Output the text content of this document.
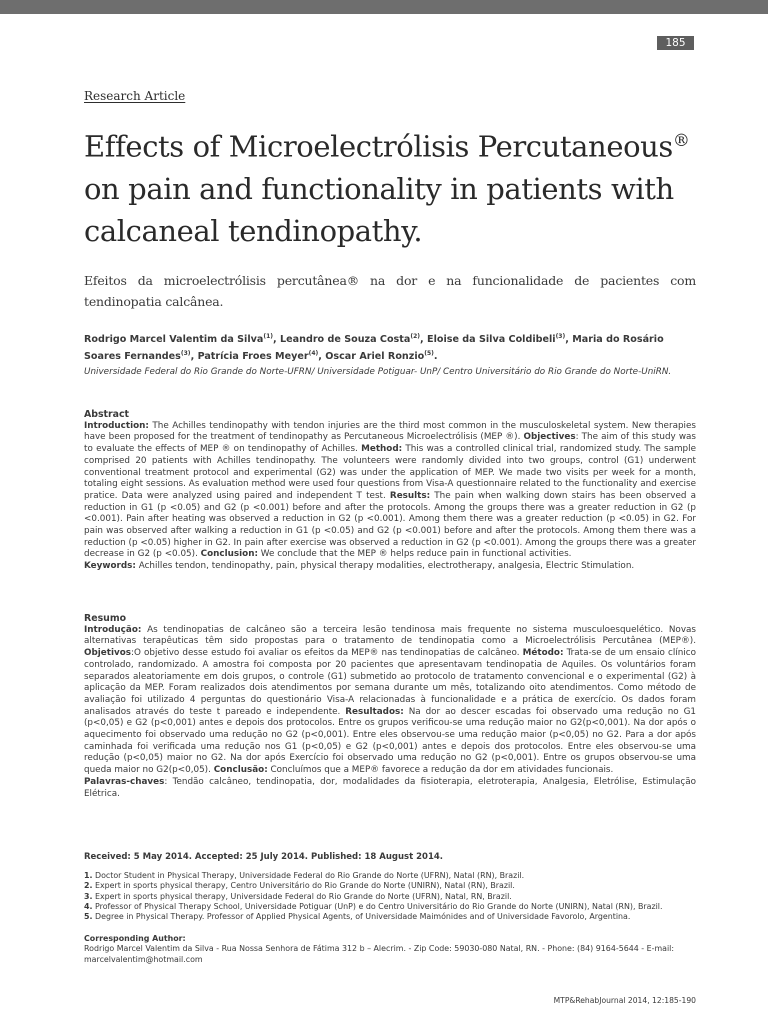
185
Research Article
Effects of Microelectrólisis Percutaneous® on pain and functionality in patients with calcaneal tendinopathy.
Efeitos da microelectrólisis percutânea® na dor e na funcionalidade de pacientes com tendinopatia calcânea.
Rodrigo Marcel Valentim da Silva$^{(1)}$, Leandro de Souza Costa$^{(2)}$, Eloise da Silva Coldibeli$^{(3)}$, Maria do Rosário Soares Fernandes$^{(3)}$, Patrícia Froes Meyer$^{(4)}$, Oscar Ariel Ronzio$^{(5)}$.
Universidade Federal do Rio Grande do Norte-UFRN/ Universidade Potiguar- UnP/ Centro Universitário do Rio Grande do Norte-UniRN.
Abstract
Introduction: The Achilles tendinopathy with tendon injuries are the third most common in the musculoskeletal system. New therapies have been proposed for the treatment of tendinopathy as Percutaneous Microelectrólisis (MEP ®). Objectives: The aim of this study was to evaluate the effects of MEP ® on tendinopathy of Achilles. Method: This was a controlled clinical trial, randomized study. The sample comprised 20 patients with Achilles tendinopathy. The volunteers were randomly divided into two groups, control (G1) underwent conventional treatment protocol and experimental (G2) was under the application of MEP. We made two visits per week for a month, totaling eight sessions. As evaluation method were used four questions from Visa-A questionnaire related to the functionality and exercise pratice. Data were analyzed using paired and independent T test. Results: The pain when walking down stairs has been observed a reduction in G1 (p <0.05) and G2 (p <0.001) before and after the protocols. Among the groups there was a greater reduction in G2 (p <0.001). Pain after heating was observed a reduction in G2 (p <0.001). Among them there was a greater reduction (p <0.05) in G2. For pain was observed after walking a reduction in G1 (p <0.05) and G2 (p <0.001) before and after the protocols. Among them there was a reduction (p <0.05) higher in G2. In pain after exercise was observed a reduction in G2 (p <0.001). Among the groups there was a greater decrease in G2 (p <0.05). Conclusion: We conclude that the MEP ® helps reduce pain in functional activities.
Keywords: Achilles tendon, tendinopathy, pain, physical therapy modalities, electrotherapy, analgesia, Electric Stimulation.
Resumo
Introdução: As tendinopatias de calcâneo são a terceira lesão tendinosa mais frequente no sistema musculoesquelético. Novas alternativas terapêuticas têm sido propostas para o tratamento de tendinopatia como a Microelectrólisis Percutânea (MEP®). Objetivos:O objetivo desse estudo foi avaliar os efeitos da MEP® nas tendinopatias de calcâneo. Método: Trata-se de um ensaio clínico controlado, randomizado. A amostra foi composta por 20 pacientes que apresentavam tendinopatia de Aquiles. Os voluntários foram separados aleatoriamente em dois grupos, o controle (G1) submetido ao protocolo de tratamento convencional e o experimental (G2) à aplicação da MEP. Foram realizados dois atendimentos por semana durante um mês, totalizando oito atendimentos. Como método de avaliação foi utilizado 4 perguntas do questionário Visa-A relacionadas à funcionalidade e a prática de exercício. Os dados foram analisados através do teste t pareado e independente. Resultados: Na dor ao descer escadas foi observado uma redução no G1 (p<0,05) e G2 (p<0,001) antes e depois dos protocolos. Entre os grupos verificou-se uma redução maior no G2(p<0,001). Na dor após o aquecimento foi observado uma redução no G2 (p<0,001). Entre eles observou-se uma redução maior (p<0,05) no G2. Para a dor após caminhada foi verificada uma redução nos G1 (p<0,05) e G2 (p<0,001) antes e depois dos protocolos. Entre eles observou-se uma redução (p<0,05) maior no G2. Na dor após Exercício foi observado uma redução no G2 (p<0,001). Entre os grupos observou-se uma queda maior no G2(p<0,05). Conclusão: Concluímos que a MEP® favorece a redução da dor em atividades funcionais.
Palavras-chaves: Tendão calcâneo, tendinopatia, dor, modalidades da fisioterapia, eletroterapia, Analgesia, Eletrólise, Estimulação Elétrica.
Received: 5 May 2014. Accepted: 25 July 2014. Published: 18 August 2014.
1. Doctor Student in Physical Therapy, Universidade Federal do Rio Grande do Norte (UFRN), Natal (RN), Brazil.
2. Expert in sports physical therapy, Centro Universitário do Rio Grande do Norte (UNIRN), Natal (RN), Brazil.
3. Expert in sports physical therapy, Universidade Federal do Rio Grande do Norte (UFRN), Natal, RN, Brazil.
4. Professor of Physical Therapy School, Universidade Potiguar (UnP) e do Centro Universitário do Rio Grande do Norte (UNIRN), Natal (RN), Brazil.
5. Degree in Physical Therapy. Professor of Applied Physical Agents, of Universidade Maimónides and of Universidade Favorolo, Argentina.
Corresponding Author:
Rodrigo Marcel Valentim da Silva - Rua Nossa Senhora de Fátima 312 b – Alecrim. - Zip Code: 59030-080 Natal, RN. - Phone: (84) 9164-5644 - E-mail: marcelvalentim@hotmail.com
MTP&RehabJournal 2014, 12:185-190
